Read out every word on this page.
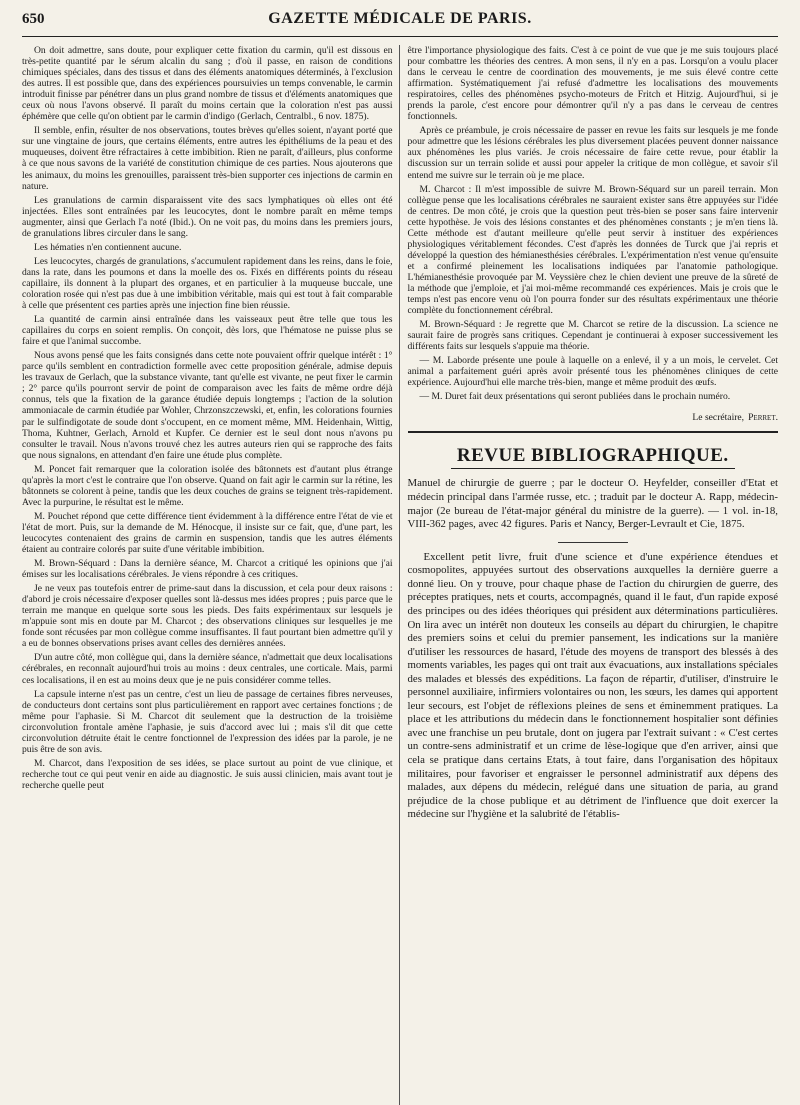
650	GAZETTE MÉDICALE DE PARIS.

On doit admettre, sans doute, pour expliquer cette fixation du carmin, qu'il est dissous en très-petite quantité par le sérum alcalin du sang ; d'où il passe, en raison de conditions chimiques spéciales, dans des tissus et dans des éléments anatomiques déterminés, à l'exclusion des autres. Il est possible que, dans des expériences poursuivies un temps convenable, le carmin introduit finisse par pénétrer dans un plus grand nombre de tissus et d'éléments anatomiques que ceux où nous l'avons observé. Il paraît du moins certain que la coloration n'est pas aussi éphémère que celle qu'on obtient par le carmin d'indigo (Gerlach, Centralbl., 6 nov. 1875).

Il semble, enfin, résulter de nos observations, toutes brèves qu'elles soient, n'ayant porté que sur une vingtaine de jours, que certains éléments, entre autres les épithéliums de la peau et des muqueuses, doivent être réfractaires à cette imbibition. Rien ne paraît, d'ailleurs, plus conforme à ce que nous savons de la variété de constitution chimique de ces parties. Nous ajouterons que les animaux, du moins les grenouilles, paraissent très-bien supporter ces injections de carmin en nature.

Les granulations de carmin disparaissent vite des sacs lymphatiques où elles ont été injectées. Elles sont entraînées par les leucocytes, dont le nombre paraît en même temps augmenter, ainsi que Gerlach l'a noté (Ibid.). On ne voit pas, du moins dans les premiers jours, de granulations libres circuler dans le sang.

Les hématies n'en contiennent aucune.

Les leucocytes, chargés de granulations, s'accumulent rapidement dans les reins, dans le foie, dans la rate, dans les poumons et dans la moelle des os. Fixés en différents points du réseau capillaire, ils donnent à la plupart des organes, et en particulier à la muqueuse buccale, une coloration rosée qui n'est pas due à une imbibition véritable, mais qui est tout à fait comparable à celle que présentent ces parties après une injection fine bien réussie.

La quantité de carmin ainsi entraînée dans les vaisseaux peut être telle que tous les capillaires du corps en soient remplis. On conçoit, dès lors, que l'hématose ne puisse plus se faire et que l'animal succombe.

Nous avons pensé que les faits consignés dans cette note pouvaient offrir quelque intérêt : 1° parce qu'ils semblent en contradiction formelle avec cette proposition générale, admise depuis les travaux de Gerlach, que la substance vivante, tant qu'elle est vivante, ne peut fixer le carmin ; 2° parce qu'ils pourront servir de point de comparaison avec les faits de même ordre déjà connus, tels que la fixation de la garance étudiée depuis longtemps ; l'action de la solution ammoniacale de carmin étudiée par Wohler, Chrzonszczewski, et, enfin, les colorations fournies par le sulfindigotate de soude dont s'occupent, en ce moment même, MM. Heidenhain, Wittig, Thoma, Kuhtner, Gerlach, Arnold et Kupfer. Ce dernier est le seul dont nous n'avons pu consulter le travail. Nous n'avons trouvé chez les autres auteurs rien qui se rapproche des faits que nous signalons, en attendant d'en faire une étude plus complète.

M. Poncet fait remarquer que la coloration isolée des bâtonnets est d'autant plus étrange qu'après la mort c'est le contraire que l'on observe. Quand on fait agir le carmin sur la rétine, les bâtonnets se colorent à peine, tandis que les deux couches de grains se teignent très-rapidement. Avec la purpurine, le résultat est le même.

M. Pouchet répond que cette différence tient évidemment à la différence entre l'état de vie et l'état de mort. Puis, sur la demande de M. Hénocque, il insiste sur ce fait, que, d'une part, les leucocytes contenaient des grains de carmin en suspension, tandis que les autres éléments étaient au contraire colorés par suite d'une véritable imbibition.

M. Brown-Séquard : Dans la dernière séance, M. Charcot a critiqué les opinions que j'ai émises sur les localisations cérébrales. Je viens répondre à ces critiques.

Je ne veux pas toutefois entrer de prime-saut dans la discussion, et cela pour deux raisons : d'abord je crois nécessaire d'exposer quelles sont là-dessus mes idées propres ; puis parce que le terrain me manque en quelque sorte sous les pieds. Des faits expérimentaux sur lesquels je m'appuie sont mis en doute par M. Charcot ; des observations cliniques sur lesquelles je me fonde sont récusées par mon collègue comme insuffisantes. Il faut pourtant bien admettre qu'il y a eu de bonnes observations prises avant celles des dernières années.

D'un autre côté, mon collègue qui, dans la dernière séance, n'admettait que deux localisations cérébrales, en reconnaît aujourd'hui trois au moins : deux centrales, une corticale. Mais, parmi ces localisations, il en est au moins deux que je ne puis considérer comme telles.

La capsule interne n'est pas un centre, c'est un lieu de passage de certaines fibres nerveuses, de conducteurs dont certains sont plus particulièrement en rapport avec certaines fonctions ; de même pour l'aphasie. Si M. Charcot dit seulement que la destruction de la troisième circonvolution frontale amène l'aphasie, je suis d'accord avec lui ; mais s'il dit que cette circonvolution détruite était le centre fonctionnel de l'expression des idées par la parole, je ne puis être de son avis.

M. Charcot, dans l'exposition de ses idées, se place surtout au point de vue clinique, et recherche tout ce qui peut venir en aide au diagnostic. Je suis aussi clinicien, mais avant tout je recherche quelle peut

être l'importance physiologique des faits. C'est à ce point de vue que je me suis toujours placé pour combattre les théories des centres. A mon sens, il n'y en a pas. Lorsqu'on a voulu placer dans le cerveau le centre de coordination des mouvements, je me suis élevé contre cette affirmation. Systématiquement j'ai refusé d'admettre les localisations des mouvements respiratoires, celles des phénomènes psycho-moteurs de Fritch et Hitzig. Aujourd'hui, si je prends la parole, c'est encore pour démontrer qu'il n'y a pas dans le cerveau de centres fonctionnels.

Après ce préambule, je crois nécessaire de passer en revue les faits sur lesquels je me fonde pour admettre que les lésions cérébrales les plus diversement placées peuvent donner naissance aux phénomènes les plus variés. Je crois nécessaire de faire cette revue, pour établir la discussion sur un terrain solide et aussi pour appeler la critique de mon collègue, et savoir s'il entend me suivre sur le terrain où je me place.

M. Charcot : Il m'est impossible de suivre M. Brown-Séquard sur un pareil terrain. Mon collègue pense que les localisations cérébrales ne sauraient exister sans être appuyées sur l'idée de centres. De mon côté, je crois que la question peut très-bien se poser sans faire intervenir cette hypothèse. Je vois des lésions constantes et des phénomènes constants ; je m'en tiens là. Cette méthode est d'autant meilleure qu'elle peut servir à instituer des expériences physiologiques véritablement fécondes. C'est d'après les données de Turck que j'ai repris et développé la question des hémianesthésies cérébrales. L'expérimentation n'est venue qu'ensuite et a confirmé pleinement les localisations indiquées par l'anatomie pathologique. L'hémianesthésie provoquée par M. Veyssière chez le chien devient une preuve de la sûreté de la méthode que j'emploie, et j'ai moi-même recommandé ces expériences. Mais je crois que le temps n'est pas encore venu où l'on pourra fonder sur des résultats expérimentaux une théorie complète du fonctionnement cérébral.

M. Brown-Séquard : Je regrette que M. Charcot se retire de la discussion. La science ne saurait faire de progrès sans critiques. Cependant je continuerai à exposer successivement les différents faits sur lesquels s'appuie ma théorie.

— M. Laborde présente une poule à laquelle on a enlevé, il y a un mois, le cervelet. Cet animal a parfaitement guéri après avoir présenté tous les phénomènes cliniques de cette expérience. Aujourd'hui elle marche très-bien, mange et même produit des œufs.

— M. Duret fait deux présentations qui seront publiées dans le prochain numéro.

Le secrétaire, Perret.
REVUE BIBLIOGRAPHIQUE.
Manuel de chirurgie de guerre ; par le docteur O. Heyfelder, conseiller d'Etat et médecin principal dans l'armée russe, etc. ; traduit par le docteur A. Rapp, médecin-major (2e bureau de l'état-major général du ministre de la guerre). — 1 vol. in-18, VIII-362 pages, avec 42 figures. Paris et Nancy, Berger-Levrault et Cie, 1875.

Excellent petit livre, fruit d'une science et d'une expérience étendues et cosmopolites, appuyées surtout des observations auxquelles la dernière guerre a donné lieu. On y trouve, pour chaque phase de l'action du chirurgien de guerre, des préceptes pratiques, nets et courts, accompagnés, quand il le faut, d'un rapide exposé des principes ou des idées théoriques qui président aux déterminations particulières. On lira avec un intérêt non douteux les conseils au départ du chirurgien, le chapitre des premiers soins et celui du premier pansement, les indications sur la manière d'utiliser les ressources de hasard, l'étude des moyens de transport des blessés à des moments variables, les pages qui ont trait aux évacuations, aux installations spéciales des malades et blessés des expéditions. La façon de répartir, d'utiliser, d'instruire le personnel auxiliaire, infirmiers volontaires ou non, les sœurs, les dames qui apportent leur secours, est l'objet de réflexions pleines de sens et éminemment pratiques. La place et les attributions du médecin dans le fonctionnement hospitalier sont définies avec une franchise un peu brutale, dont on jugera par l'extrait suivant : « C'est certes un contre-sens administratif et un crime de lèse-logique que d'en arriver, ainsi que cela se pratique dans certains Etats, à tout faire, dans l'organisation des hôpitaux militaires, pour favoriser et engraisser le personnel administratif aux dépens des malades, aux dépens du médecin, relégué dans une situation de paria, au grand préjudice de la chose publique et au détriment de l'influence que doit exercer la médecine sur l'hygiène et la salubrité de l'établis-
